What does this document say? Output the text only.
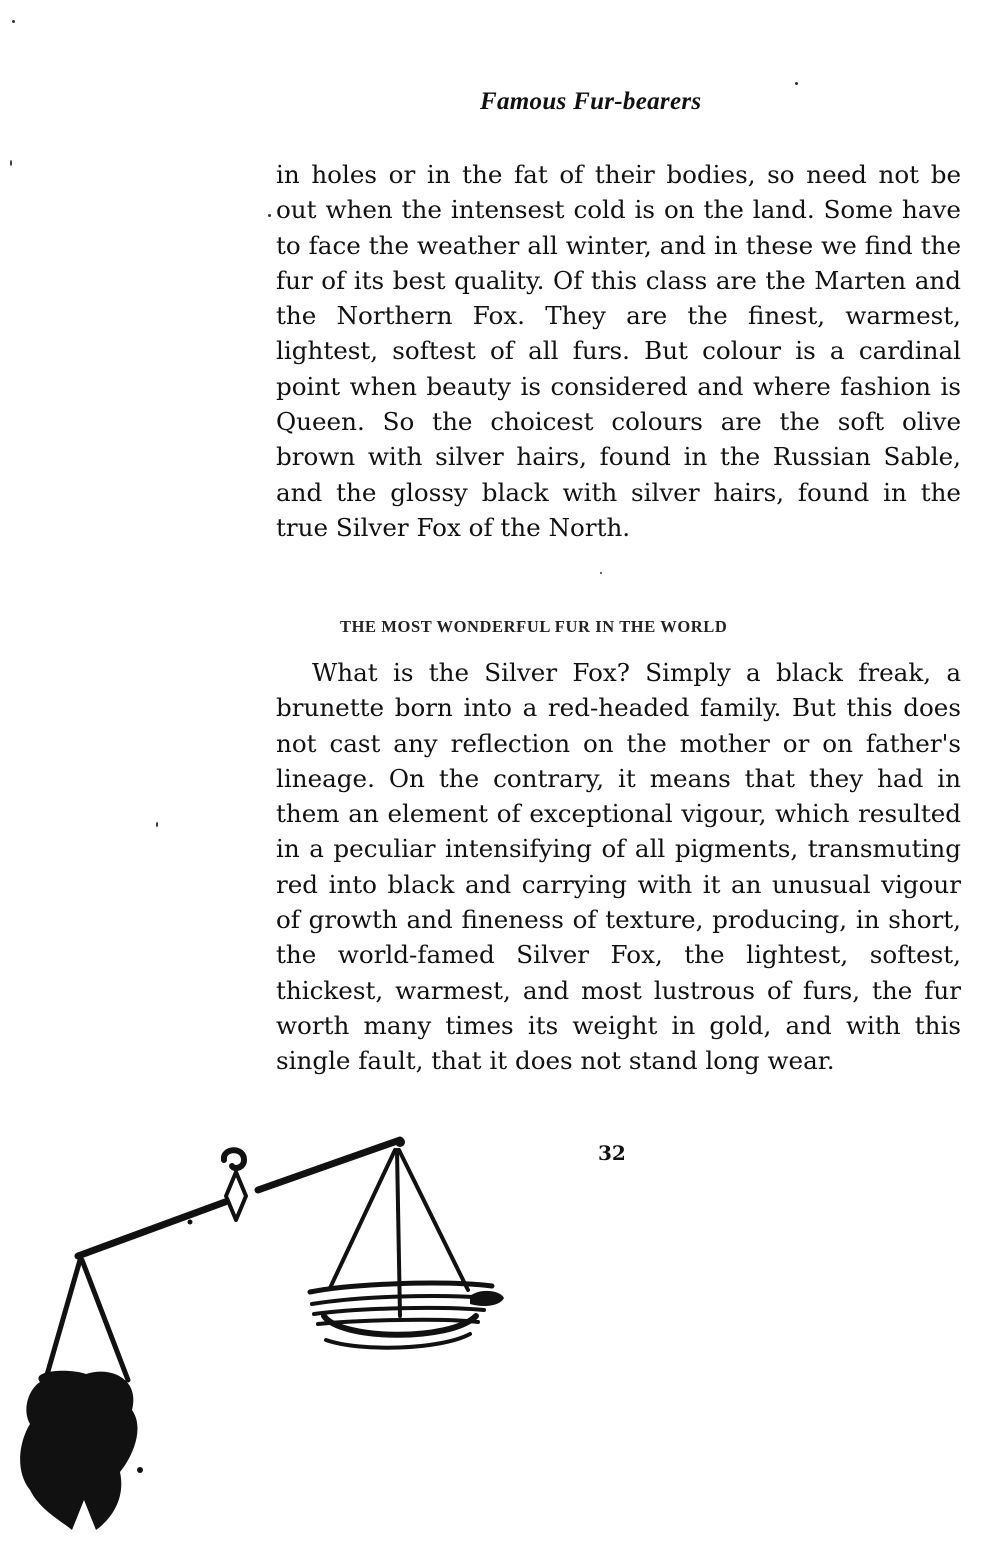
Famous Fur-bearers
in holes or in the fat of their bodies, so need not be out when the intensest cold is on the land. Some have to face the weather all winter, and in these we find the fur of its best quality. Of this class are the Marten and the Northern Fox. They are the finest, warmest, lightest, softest of all furs. But colour is a cardinal point when beauty is considered and where fashion is Queen. So the choicest colours are the soft olive brown with silver hairs, found in the Russian Sable, and the glossy black with silver hairs, found in the true Silver Fox of the North.
THE MOST WONDERFUL FUR IN THE WORLD
What is the Silver Fox? Simply a black freak, a brunette born into a red-headed family. But this does not cast any reflection on the mother or on father's lineage. On the contrary, it means that they had in them an element of exceptional vigour, which resulted in a peculiar intensifying of all pigments, transmuting red into black and carrying with it an unusual vigour of growth and fineness of texture, producing, in short, the world-famed Silver Fox, the lightest, softest, thickest, warmest, and most lustrous of furs, the fur worth many times its weight in gold, and with this single fault, that it does not stand long wear.
32
